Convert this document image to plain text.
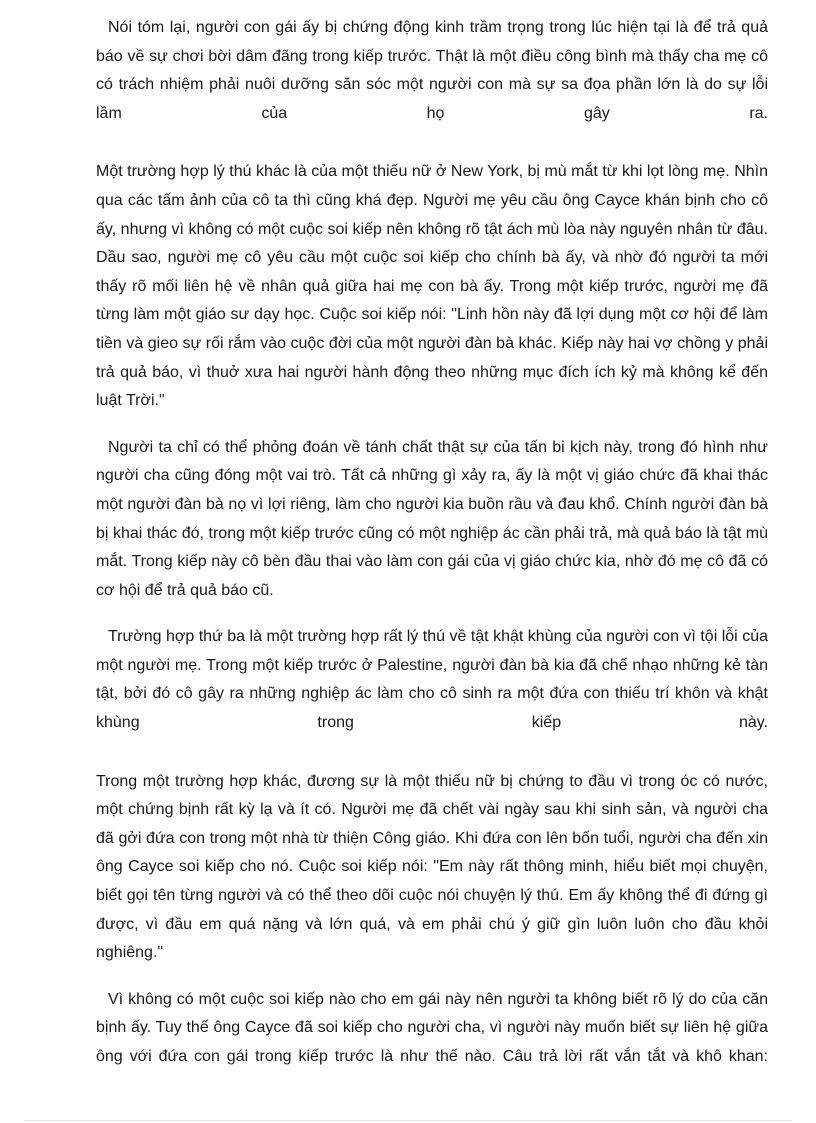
Nói tóm lại, người con gái ấy bị chứng động kinh trầm trọng trong lúc hiện tại là để trả quả báo về sự chơi bời dâm đãng trong kiếp trước. Thật là một điều công bình mà thấy cha mẹ cô có trách nhiệm phải nuôi dưỡng săn sóc một người con mà sự sa đọa phần lớn là do sự lỗi lầm của họ gây ra.

Một trường hợp lý thú khác là của một thiếu nữ ở New York, bị mù mắt từ khi lọt lòng mẹ. Nhìn qua các tấm ảnh của cô ta thì cũng khá đẹp. Người mẹ yêu cầu ông Cayce khán bịnh cho cô ấy, nhưng vì không có một cuộc soi kiếp nên không rõ tật ách mù lòa này nguyên nhân từ đâu. Dầu sao, người mẹ cô yêu cầu một cuộc soi kiếp cho chính bà ấy, và nhờ đó người ta mới thấy rõ mối liên hệ về nhân quả giữa hai mẹ con bà ấy. Trong một kiếp trước, người mẹ đã từng làm một giáo sư dạy học. Cuộc soi kiếp nói: "Linh hồn này đã lợi dụng một cơ hội để làm tiền và gieo sự rối rắm vào cuộc đời của một người đàn bà khác. Kiếp này hai vợ chồng y phải trả quả báo, vì thuở xưa hai người hành động theo những mục đích ích kỷ mà không kể đến luật Trời."

Người ta chỉ có thể phỏng đoán về tánh chất thật sự của tấn bi kịch này, trong đó hình như người cha cũng đóng một vai trò. Tất cả những gì xảy ra, ấy là một vị giáo chức đã khai thác một người đàn bà nọ vì lợi riêng, làm cho người kia buồn rầu và đau khổ. Chính người đàn bà bị khai thác đó, trong một kiếp trước cũng có một nghiệp ác cần phải trả, mà quả báo là tật mù mắt. Trong kiếp này cô bèn đầu thai vào làm con gái của vị giáo chức kia, nhờ đó mẹ cô đã có cơ hội để trả quả báo cũ.

Trường hợp thứ ba là một trường hợp rất lý thú về tật khật khùng của người con vì tội lỗi của một người mẹ. Trong một kiếp trước ở Palestine, người đàn bà kia đã chế nhạo những kẻ tàn tật, bởi đó cô gây ra những nghiệp ác làm cho cô sinh ra một đứa con thiếu trí khôn và khật khùng trong kiếp này.

Trong một trường hợp khác, đương sự là một thiếu nữ bị chứng to đầu vì trong óc có nước, một chứng bịnh rất kỳ lạ và ít có. Người mẹ đã chết vài ngày sau khi sinh sản, và người cha đã gởi đứa con trong một nhà từ thiện Công giáo. Khi đứa con lên bốn tuổi, người cha đến xin ông Cayce soi kiếp cho nó. Cuộc soi kiếp nói: "Em này rất thông minh, hiểu biết mọi chuyện, biết gọi tên từng người và có thể theo dõi cuộc nói chuyện lý thú. Em ấy không thể đi đứng gì được, vì đầu em quá nặng và lớn quá, và em phải chú ý giữ gìn luôn luôn cho đầu khỏi nghiêng."

Vì không có một cuộc soi kiếp nào cho em gái này nên người ta không biết rõ lý do của căn bịnh ấy. Tuy thế ông Cayce đã soi kiếp cho người cha, vì người này muốn biết sự liên hệ giữa ông với đứa con gái trong kiếp trước là như thế nào. Câu trả lời rất vắn tắt và khô khan:
